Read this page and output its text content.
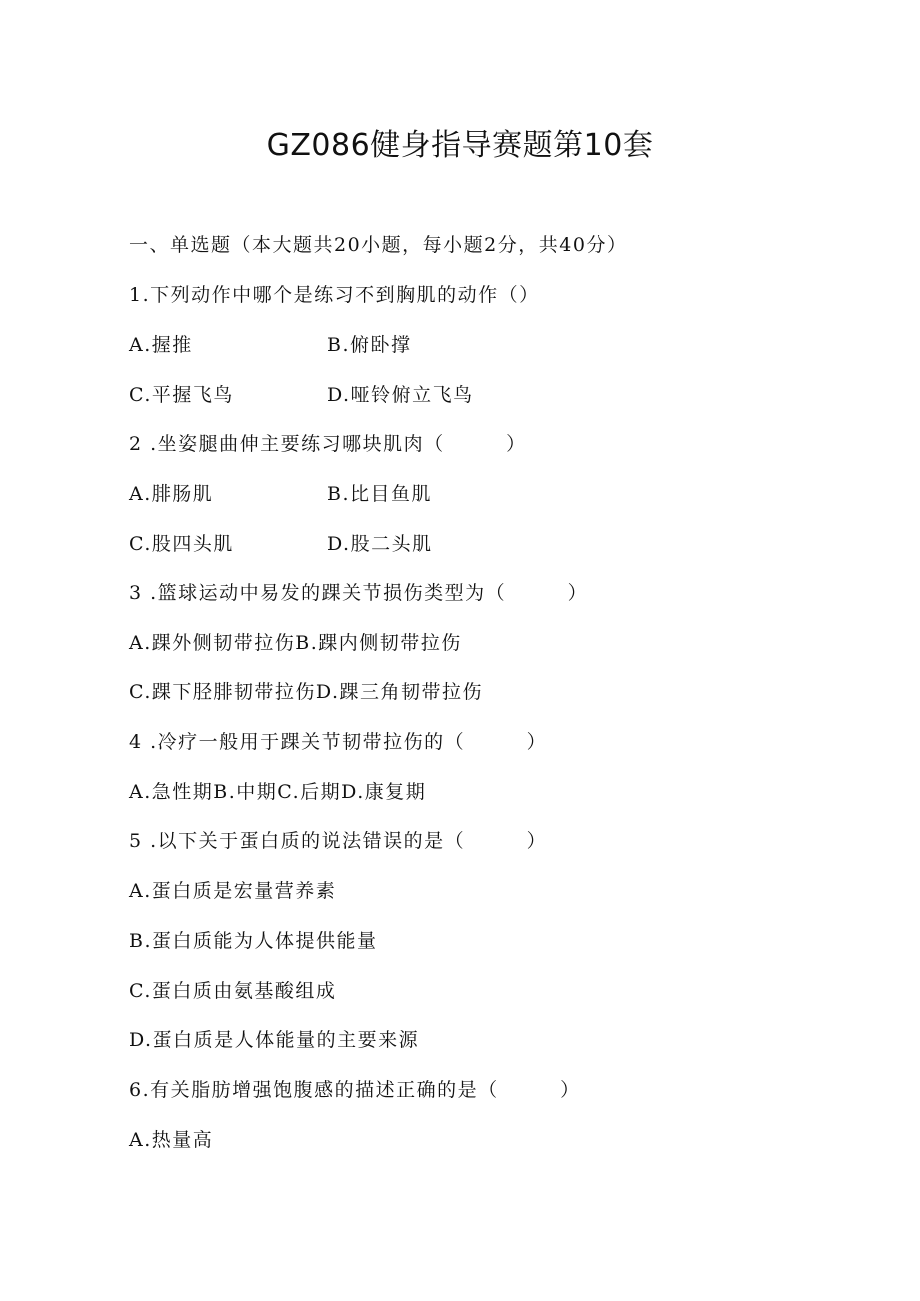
GZ086健身指导赛题第10套
一、单选题（本大题共20小题，每小题2分，共40分）
1.下列动作中哪个是练习不到胸肌的动作（）
A.握推	B.俯卧撑
C.平握飞鸟	D.哑铃俯立飞鸟
2 .坐姿腿曲伸主要练习哪块肌肉（　　　）
A.腓肠肌	B.比目鱼肌
C.股四头肌	D.股二头肌
3 .篮球运动中易发的踝关节损伤类型为（　　　）
A.踝外侧韧带拉伤B.踝内侧韧带拉伤
C.踝下胫腓韧带拉伤D.踝三角韧带拉伤
4 .冷疗一般用于踝关节韧带拉伤的（　　　）
A.急性期B.中期C.后期D.康复期
5 .以下关于蛋白质的说法错误的是（　　　）
A.蛋白质是宏量营养素
B.蛋白质能为人体提供能量
C.蛋白质由氨基酸组成
D.蛋白质是人体能量的主要来源
6.有关脂肪增强饱腹感的描述正确的是（　　　）
A.热量高
